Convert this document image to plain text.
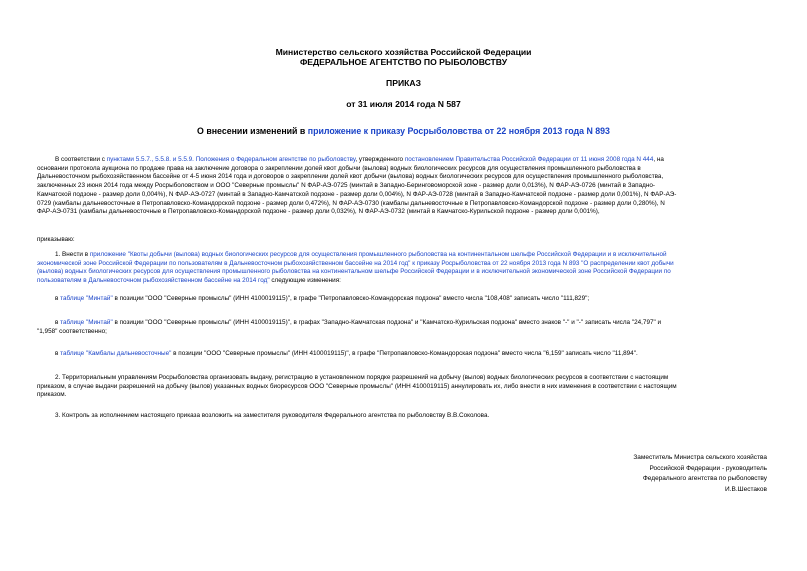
Министерство сельского хозяйства Российской Федерации
ФЕДЕРАЛЬНОЕ АГЕНТСТВО ПО РЫБОЛОВСТВУ
ПРИКАЗ
от 31 июля 2014 года N 587
О внесении изменений в приложение к приказу Росрыболовства от 22 ноября 2013 года N 893
В соответствии с пунктами 5.5.7., 5.5.8. и 5.5.9. Положения о Федеральном агентстве по рыболовству, утвержденного постановлением Правительства Российской Федерации от 11 июня 2008 года N 444, на
основании протокола аукциона по продаже права на заключение договора о закреплении долей квот добычи (вылова) водных биологических ресурсов для осуществления промышленного рыболовства в
Дальневосточном рыбохозяйственном бассейне от 4-5 июня 2014 года и договоров о закреплении долей квот добычи (вылова) водных биологических ресурсов для осуществления промышленного рыболовства,
заключенных 23 июня 2014 года между Росрыболовством и ООО "Северные промыслы" N ФАР-АЭ-0725 (минтай в Западно-Беринговоморской зоне - размер доли 0,013%), N ФАР-АЭ-0726 (минтай в Западно-
Камчатской подзоне - размер доли 0,004%), N ФАР-АЭ-0727 (минтай в Западно-Камчатской подзоне - размер доли 0,004%), N ФАР-АЭ-0728 (минтай в Западно-Камчатской подзоне - размер доли 0,001%), N ФАР-АЭ-
0729 (камбалы дальневосточные в Петропавловско-Командорской подзоне - размер доли 0,472%), N ФАР-АЭ-0730 (камбалы дальневосточные в Петропавловско-Командорской подзоне - размер доли 0,280%), N
ФАР-АЭ-0731 (камбалы дальневосточные в Петропавловско-Командорской подзоне - размер доли 0,032%), N ФАР-АЭ-0732 (минтай в Камчатско-Курильской подзоне - размер доли 0,001%),
приказываю:
1. Внести в приложение "Квоты добычи (вылова) водных биологических ресурсов для осуществления промышленного рыболовства на континентальном шельфе Российской Федерации и в исключительной
экономической зоне Российской Федерации по пользователям в Дальневосточном рыбохозяйственном бассейне на 2014 год" к приказу Росрыболовства от 22 ноября 2013 года N 893 "О распределении квот добычи
(вылова) водных биологических ресурсов для осуществления промышленного рыболовства на континентальном шельфе Российской Федерации и в исключительной экономической зоне Российской Федерации по
пользователям в Дальневосточном рыбохозяйственном бассейне на 2014 год" следующие изменения:
в таблице "Минтай" в позиции "ООО "Северные промыслы" (ИНН 4100019115)", в графе "Петропавловско-Командорская подзона" вместо числа "108,408" записать число "111,829";
в таблице "Минтай" в позиции "ООО "Северные промыслы" (ИНН 4100019115)", в графах "Западно-Камчатская подзона" и "Камчатско-Курильская подзона" вместо знаков "-" и "-" записать числа "24,797" и
"1,958" соответственно;
в таблице "Камбалы дальневосточные" в позиции "ООО "Северные промыслы" (ИНН 4100019115)", в графе "Петропавловско-Командорская подзона" вместо числа "6,159" записать число "11,894".
2. Территориальным управлениям Росрыболовства организовать выдачу, регистрацию в установленном порядке разрешений на добычу (вылов) водных биологических ресурсов в соответствии с настоящим
приказом, в случае выдачи разрешений на добычу (вылов) указанных водных биоресурсов ООО "Северные промыслы" (ИНН 4100019115) аннулировать их, либо внести в них изменения в соответствии с настоящим
приказом.
3. Контроль за исполнением настоящего приказа возложить на заместителя руководителя Федерального агентства по рыболовству В.В.Соколова.
Заместитель Министра сельского хозяйства
Российской Федерации - руководитель
Федерального агентства по рыболовству
И.В.Шестаков
